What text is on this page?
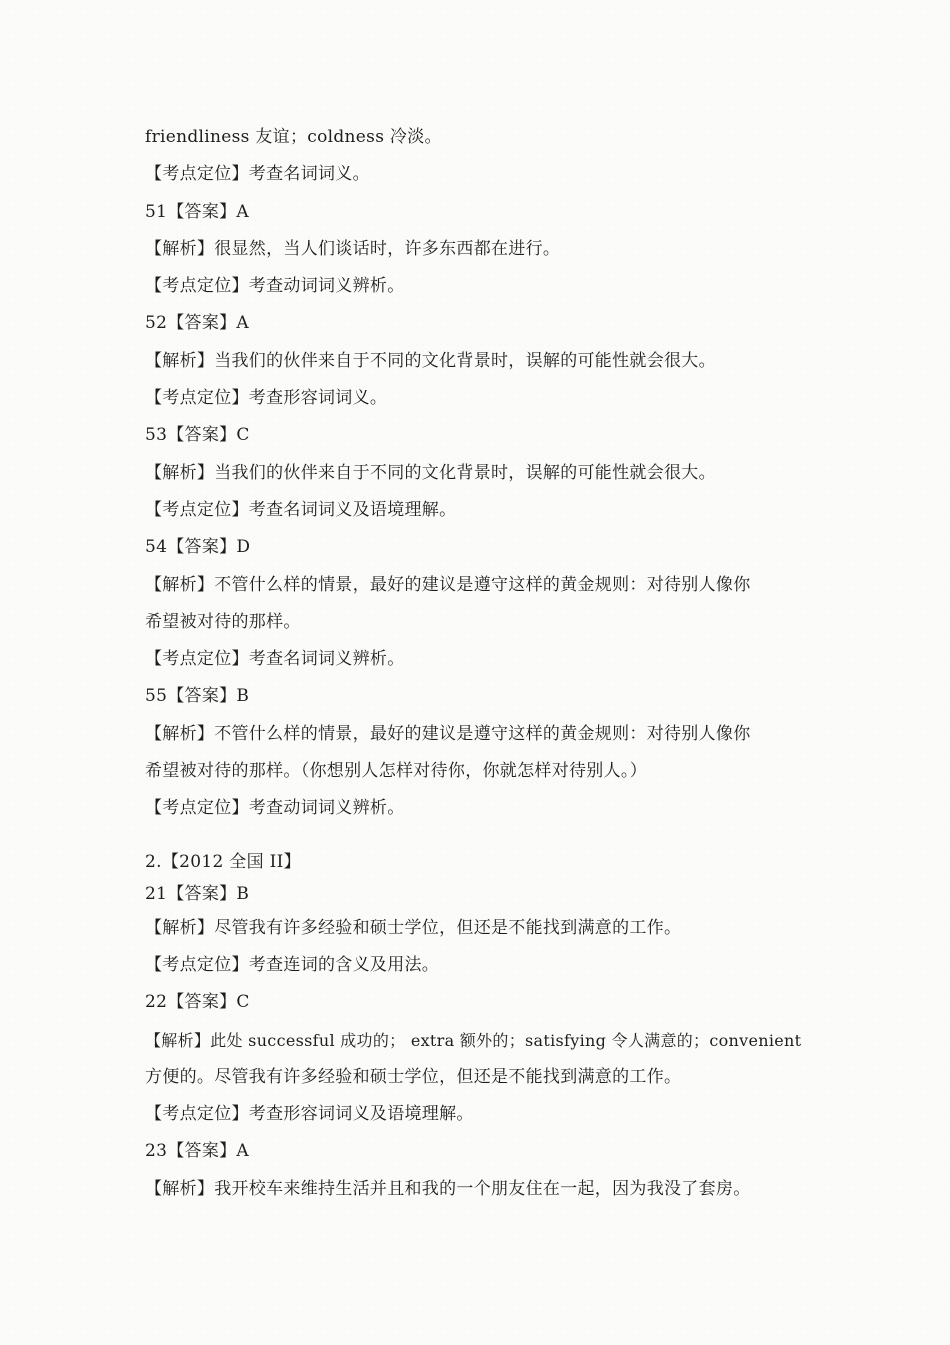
friendliness 友谊；coldness 冷淡。
【考点定位】考查名词词义。
51【答案】A
【解析】很显然，当人们谈话时，许多东西都在进行。
【考点定位】考查动词词义辨析。
52【答案】A
【解析】当我们的伙伴来自于不同的文化背景时，误解的可能性就会很大。
【考点定位】考查形容词词义。
53【答案】C
【解析】当我们的伙伴来自于不同的文化背景时，误解的可能性就会很大。
【考点定位】考查名词词义及语境理解。
54【答案】D
【解析】不管什么样的情景，最好的建议是遵守这样的黄金规则：对待别人像你
希望被对待的那样。
【考点定位】考查名词词义辨析。
55【答案】B
【解析】不管什么样的情景，最好的建议是遵守这样的黄金规则：对待别人像你
希望被对待的那样。（你想别人怎样对待你，你就怎样对待别人。）
【考点定位】考查动词词义辨析。
2.【2012 全国 II】
21【答案】B
【解析】尽管我有许多经验和硕士学位，但还是不能找到满意的工作。
【考点定位】考查连词的含义及用法。
22【答案】C
【解析】此处 successful 成功的； extra 额外的；satisfying 令人满意的；convenient
方便的。尽管我有许多经验和硕士学位，但还是不能找到满意的工作。
【考点定位】考查形容词词义及语境理解。
23【答案】A
【解析】我开校车来维持生活并且和我的一个朋友住在一起，因为我没了套房。
